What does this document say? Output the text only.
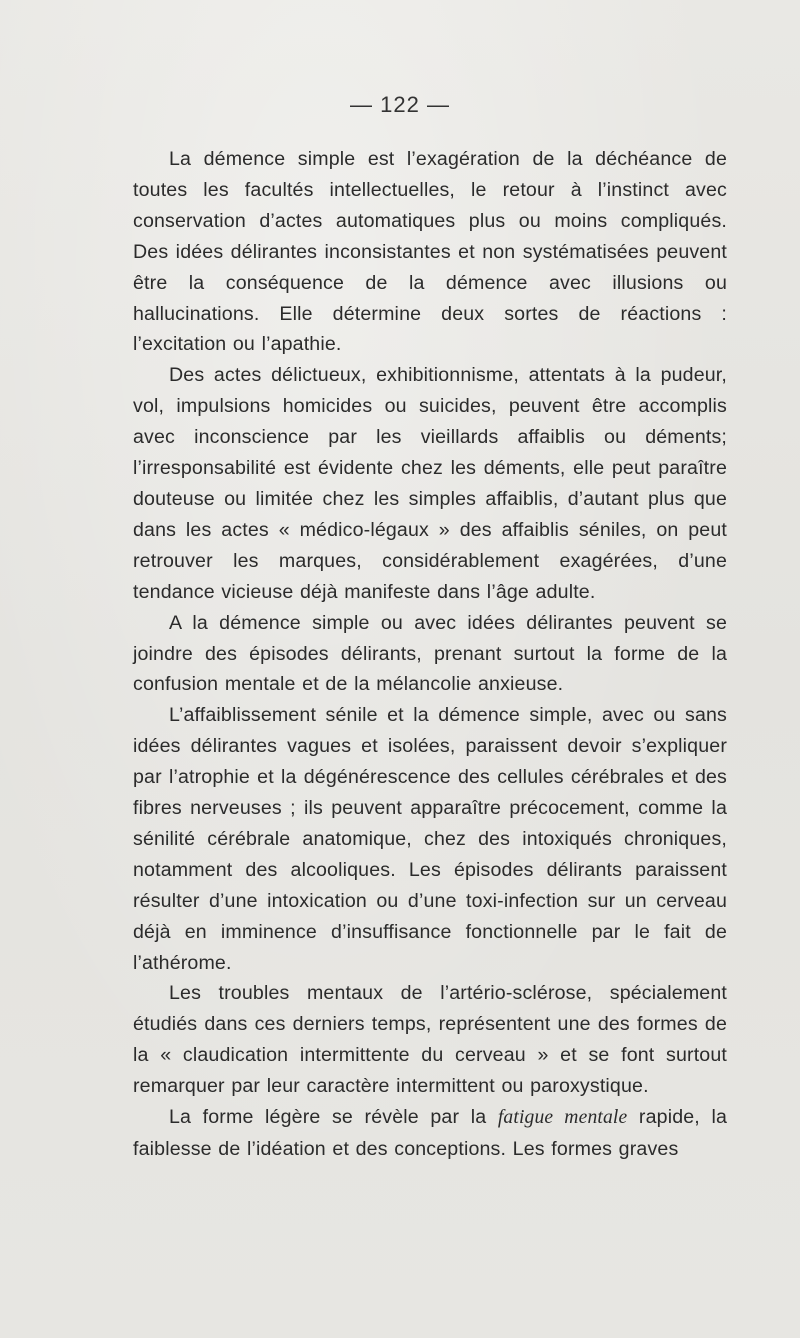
— 122 —

La démence simple est l’exagération de la déchéance de toutes les facultés intellectuelles, le retour à l’instinct avec conservation d’actes automatiques plus ou moins compliqués. Des idées délirantes inconsistantes et non systématisées peuvent être la conséquence de la démence avec illusions ou hallucinations. Elle détermine deux sortes de réactions : l’excitation ou l’apathie.

Des actes délictueux, exhibitionnisme, attentats à la pudeur, vol, impulsions homicides ou suicides, peuvent être accomplis avec inconscience par les vieillards affaiblis ou déments; l’irresponsabilité est évidente chez les déments, elle peut paraître douteuse ou limitée chez les simples affaiblis, d’autant plus que dans les actes « médico-légaux » des affaiblis séniles, on peut retrouver les marques, considérablement exagérées, d’une tendance vicieuse déjà manifeste dans l’âge adulte.

A la démence simple ou avec idées délirantes peuvent se joindre des épisodes délirants, prenant surtout la forme de la confusion mentale et de la mélancolie anxieuse.

L’affaiblissement sénile et la démence simple, avec ou sans idées délirantes vagues et isolées, paraissent devoir s’expliquer par l’atrophie et la dégénérescence des cellules cérébrales et des fibres nerveuses ; ils peuvent apparaître précocement, comme la sénilité cérébrale anatomique, chez des intoxiqués chroniques, notamment des alcooliques. Les épisodes délirants paraissent résulter d’une intoxication ou d’une toxi-infection sur un cerveau déjà en imminence d’insuffisance fonctionnelle par le fait de l’athérome.

Les troubles mentaux de l’artério-sclérose, spécialement étudiés dans ces derniers temps, représentent une des formes de la « claudication intermittente du cerveau » et se font surtout remarquer par leur caractère intermittent ou paroxystique.

La forme légère se révèle par la fatigue mentale rapide, la faiblesse de l’idéation et des conceptions. Les formes graves
